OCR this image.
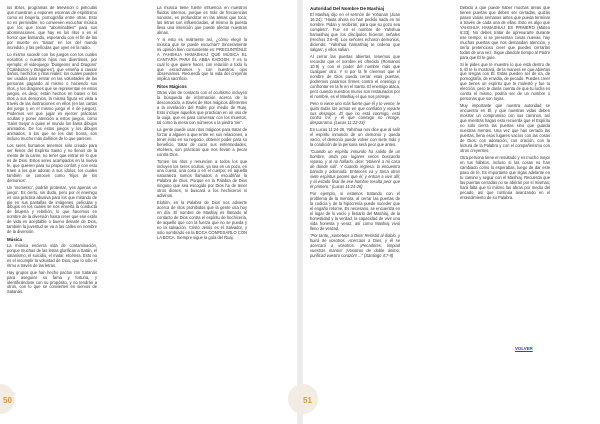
los libros, programas de televisión o películas que muestran o exponen escenas de espiritismo como es brujería, pornografía entre otras. Esto no es permisible, no convienen escuchar música que los que tocan “abominables” para sus abominaciones, que hay en los ritos o en el horror que llamando, esperando con el fin de las por muerte en ‘Satan’ en los del mundo incredulo, y las películas que oyes en la radio.

Lo mismo sucede con los juegos con los cuales nosotros o nuestros hijos nos divertimos, por ejemplo: el videojuego ‘Dungeons and Dragons’ (‘Calabozos y Dragones’), que enseña a causar daños, hechizos y ritos reales; los cuales pueden ser usados para entrar en las voluntades de las personas pagando al mismo o haciendo sus ritos, y los dragones que se representan en estos juegos, es decir, están hechos en bases o los ritos a sus demonios, la misma figura es vista a través de las ilustraciones en ellos (en las cartas del juego y en el mismo juego el ir de juegos). Podemos ver que jugar es ejercer prácticas ocultas y poner atención a estos juegos, como ‘Saint Seiya’ a quien el mundo los llama dibujos animados. De los estos juegos y los dibujos animados, a los que se les dan honra, son incluso mucho más dañinos de lo que parecen.

Los seres humanos tenemos sólo creado para ser llenos del Espíritu Santo y no llenos de la mente de la carne, no tener que entrar en lo que es de Dios. Estos seres acampados en la nueva fe, que quieren para su propio confort y con esto traen a los que adoran a sus ídolos, los cuales también se conocen como ‘hijos de los demonios’.

Un ‘momento’, podrán protestar, ‘yes apenas un juego’. Es cierto, sin duda, pero por el enemigo es una práctica abusiva para los que mirando de pie en sus pantallas de imágenes, películas y dibujos en los cuales se nos enseña la conducta de brujería y rebelión, lo que hacemos en nombre de la diversión hasta creer que ese estilo de vida es aceptable o bueno delante de Dios, también la juventud se va a las calles en nombre de la diversión.

Música

La música encierra vida de contaminación, porque muchas de las letras glorifican a Satán, el satanismo, el suicidio, el matar, etcétera. Esto no es el incumplir la voluntad de Dios, que lo sólo el ritmo a través de las letras.

Hay grupos que han hecho pactos con Satanás para asegurar su fama y fortuna, y identificándose con su propósito, y no tendrán a otros, con lo que se convierten en siervos de Satanás.

La música tiene fuerte influencia en nuestros fluidos internos, porque es más de frecuencias sonoras, es profundizar en las almas que toca; las letras son influenciadas, al mismo la puesta lleva una intención que puede afectar nuestras almas.

Y si esto es realmente así, ¿cómo elegir la música que se puede escuchar? Sinceramente mi opinión bien contundente es: PREGUNTÉNLE A YAHSHUA HAMASHIAJ QUÉ MÚSICA EL CANTARÍA PARA ÉL ABBA KADOSH. Y es lo cual lo que quiere hacer, con relación a todo lo que escuchamos y con nuestros ojos observamos. Recuerda que la vida del creyente implica sacrificio.

Ritos Mágicos

Otras vías de contacto con el ocultismo incluyen la búsqueda de información acerca de lo desconocido, a través de ritos mágicos diferentes a la revelación del Padre por medio de Ruaj. Esto incluye aquellos que practican en un uso de la ouija, que es para conversar con los muertos, tal como la mesa con números o la piedra ‘ser’.

La gente puede usar ritos mágicos para tratar de forzar a alguien a que entre en sus relaciones, a tener éxito en su negocio, obtener poder para su beneficio, tratar de curar sus enfermedades, etcétera, son prácticas que nos llevan a pecar contra Dios.

Tomen los ritos y renuncien a todos los que incluyen los seres ocultos, ya sea en un pozo, en una cueva, una cosa o en el cuerpo; en aquella naturaleza somos llamados a escudriñar la Palabra de Dios. Porque en la Palabra de Dios ninguno que sea escogido por Dios ha de tener otros dioses, ni buscará a los hechiceros ni adivinos.

Elohim, en la Palabra de Dios nos advierte acerca de ritos prohibidos que la gente usa hoy en día. El nombre de Mashiaj es llamado al contacto de Dios contra el espíritu de hechicería, de aquello que con la fuerza que no se pueda y no la salvación. Cristo Jesús es el Salvador, y solo nombrado en la BOCA CONFESARLO CON LA BOCA. Siempre sigue la guía del Ruaj.

Autoridad Del Nombre De Mashiaj

El Mashiaj dijo en el sermón de Yohanan (Juan 16:24): “Hasta ahora no han pedido nada en mi nombre. Pidan y recibirán, para que su gozo sea completo”. Fue en el nombre de Yahshua hamashiaj que los discípulos hicieron señales (Hechos 3:6–8). Los señores echaron demonios, diciendo: ‘Yahshua hamashiaj te ordena que salgas’, y ellos salían.

Al cerrar las puertas abiertas, tenemos que recordar que el nombre es ofrecido (Romanos 10:9) y con el poder del nombre más que cualquier otro. Y si por la fe creemos que el nombre de Dios pueda cerrar esas puertas, podremos pararnos firmes contra el enemigo y confrontar en la fe en el Santo. El enemigo ataca, pero cuando nuestros muros son restaurados por el nombre, es el Mashiaj el que nos protege.

Pero si viene uno más fuerte que él y lo vence, le quita todas las armas en que confiaba y reparte sus despojos. El que no está conmigo, está contra mí; y el que conmigo no recoge, desparrama. (Lucas 11:22-23)

En Lucas 11:24-26, Yahshua nos dice que al salir el espíritu inmundo de un demonio y queda vacío, el demonio puede volver con siete más y la condición de la persona será peor que antes.

“Cuando un espíritu inmundo ha salido de un hombre, anda por lugares secos buscando reposo, y al no hallarlo, dice: ‘Volveré a mi casa de donde salí’. Y cuando regresa, la encuentra barrida y adornada. Entonces va y toma otros siete espíritus peores que él, y entran a vivir allí; y el estado final de ese hombre resulta peor que el primero.” (Lucas 11:24-26)

Por ejemplo, si estamos tratando con el problema de la mentira, al cerrar las puertas de la codicia y de la hipocresía puede suceder que el engaño retorne. Es necesario, se encuentra en el lugar de lo vacío y llenarlo del Mashiaj, de la honestidad y la verdad, la capacidad de vivir una vida honesta y veraz, así como Mashiaj vivió lleno de verdad.

“Por tanto, ¡someteos a Dios! Resistid al diablo, y huirá de vosotros. Acercaos a Dios, y él se acercará a vosotros. ¡Pecadores, limpiad vuestras manos! ¡Vosotros de doble ánimo, purificad vuestro corazón! ...” (Santiago 4:7-8)

Debido a que puede haber muchas áreas que tienen puertas que deben ser cerradas, quizás pasen varias semanas antes que pueda terminar a través de cada una de ellas. Esto es algo que YAHSHUA HAMASHIAJ ES PRIMERO (Mateo 6:33). No debes tratar de apresurarte durante ese tiempo; si se presentan cosas nuevas, hay muchas puertas que nos demandan atención, y sería pretencioso creer que puedes cerrarlas todas de una vez. Sigue dándole tiempo al Padre para que Él te guíe.

Si le pides que te muestre lo que está dentro de ti, Él te lo mostrará, de la manera en que abiertas que tengas con Él. Estas pueden ser de ira, de pornografía, de envidia, de pecado. Puedes creer que tienes un espíritu que te molestó y fue tu elección, pero te darás cuenta de que tu lucha es contra el mismo, podría ser de un nombre o personas que son tuyas.

Muy importante que nuestra autoridad se encuentra en Él, y que nuestras vidas deben mostrar un compromiso con sus caminos, así que mientras hagas esto recuerda que el Espíritu no solo cierra las puertas sino que guarda nuestras mentes. Una vez que has cerrado las puertas, llena esos lugares vacíos con las cosas de Dios: con adoración, con oración, con la lectura de la Palabra y con el compañerismo con otros creyentes.

Otra persona tiene el resultado y es mucho mejor en tus hábitos, incluso si las cosas no han cambiado como lo esperabas, luego de dar este paso de fe. Es importante que sigas adelante en tu camino y seguir con el Mashiaj. Recuerda que las puertas cerradas no se abrirán por sí mismas; hará falta que tú mismo las abras por medio del pecado, así que continúa avanzando en el entendimiento de su Palabra.

VOLVER
50	51
